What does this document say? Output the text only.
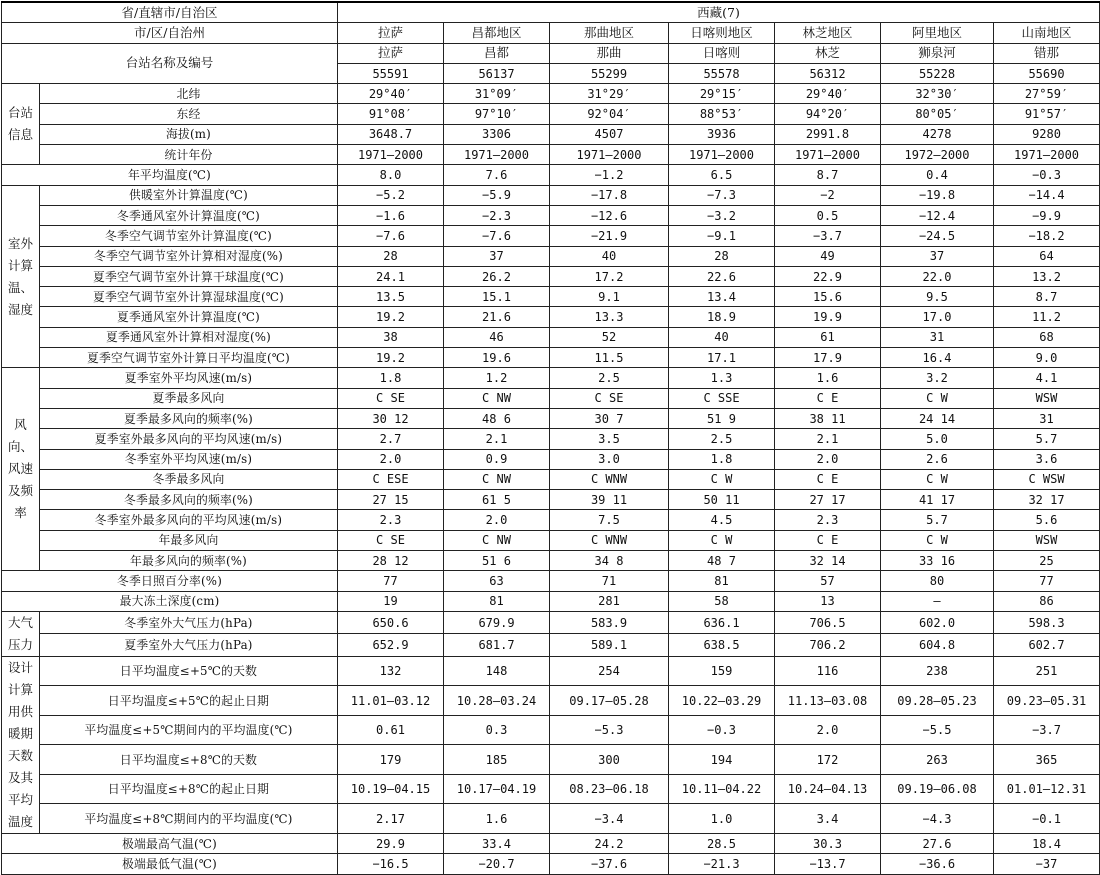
省/直辖市/自治区		西藏(7)						
市/区/自治州		拉萨	昌都地区	那曲地区	日喀则地区	林芝地区	阿里地区	山南地区
台站名称及编号		拉萨	昌都	那曲	日喀则	林芝	狮泉河	错那
		55591	56137	55299	55578	56312	55228	55690
台站信息	北纬	29°40′	31°09′	31°29′	29°15′	29°40′	32°30′	27°59′
	东经	91°08′	97°10′	92°04′	88°53′	94°20′	80°05′	91°57′
	海拔(m)	3648.7	3306	4507	3936	2991.8	4278	9280
	统计年份	1971—2000	1971—2000	1971—2000	1971—2000	1971—2000	1972—2000	1971—2000
年平均温度(℃)		8.0	7.6	−1.2	6.5	8.7	0.4	−0.3
室外计算温、湿度	供暖室外计算温度(℃)	−5.2	−5.9	−17.8	−7.3	−2	−19.8	−14.4
	冬季通风室外计算温度(℃)	−1.6	−2.3	−12.6	−3.2	0.5	−12.4	−9.9
	冬季空气调节室外计算温度(℃)	−7.6	−7.6	−21.9	−9.1	−3.7	−24.5	−18.2
	冬季空气调节室外计算相对湿度(%)	28	37	40	28	49	37	64
	夏季空气调节室外计算干球温度(℃)	24.1	26.2	17.2	22.6	22.9	22.0	13.2
	夏季空气调节室外计算湿球温度(℃)	13.5	15.1	9.1	13.4	15.6	9.5	8.7
	夏季通风室外计算温度(℃)	19.2	21.6	13.3	18.9	19.9	17.0	11.2
	夏季通风室外计算相对湿度(%)	38	46	52	40	61	31	68
	夏季空气调节室外计算日平均温度(℃)	19.2	19.6	11.5	17.1	17.9	16.4	9.0
风向、风速及频率	夏季室外平均风速(m/s)	1.8	1.2	2.5	1.3	1.6	3.2	4.1
	夏季最多风向	C SE	C NW	C SE	C SSE	C E	C W	WSW
	夏季最多风向的频率(%)	30 12	48 6	30 7	51 9	38 11	24 14	31
	夏季室外最多风向的平均风速(m/s)	2.7	2.1	3.5	2.5	2.1	5.0	5.7
	冬季室外平均风速(m/s)	2.0	0.9	3.0	1.8	2.0	2.6	3.6
	冬季最多风向	C ESE	C NW	C WNW	C W	C E	C W	C WSW
	冬季最多风向的频率(%)	27 15	61 5	39 11	50 11	27 17	41 17	32 17
	冬季室外最多风向的平均风速(m/s)	2.3	2.0	7.5	4.5	2.3	5.7	5.6
	年最多风向	C SE	C NW	C WNW	C W	C E	C W	WSW
	年最多风向的频率(%)	28 12	51 6	34 8	48 7	32 14	33 16	25
冬季日照百分率(%)		77	63	71	81	57	80	77
最大冻土深度(cm)		19	81	281	58	13	—	86
大气压力	冬季室外大气压力(hPa)	650.6	679.9	583.9	636.1	706.5	602.0	598.3
	夏季室外大气压力(hPa)	652.9	681.7	589.1	638.5	706.2	604.8	602.7
设计计算用供暖期天数及其平均温度	日平均温度≤+5℃的天数	132	148	254	159	116	238	251
	日平均温度≤+5℃的起止日期	11.01—03.12	10.28—03.24	09.17—05.28	10.22—03.29	11.13—03.08	09.28—05.23	09.23—05.31
	平均温度≤+5℃期间内的平均温度(℃)	0.61	0.3	−5.3	−0.3	2.0	−5.5	−3.7
	日平均温度≤+8℃的天数	179	185	300	194	172	263	365
	日平均温度≤+8℃的起止日期	10.19—04.15	10.17—04.19	08.23—06.18	10.11—04.22	10.24—04.13	09.19—06.08	01.01—12.31
	平均温度≤+8℃期间内的平均温度(℃)	2.17	1.6	−3.4	1.0	3.4	−4.3	−0.1
极端最高气温(℃)		29.9	33.4	24.2	28.5	30.3	27.6	18.4
极端最低气温(℃)		−16.5	−20.7	−37.6	−21.3	−13.7	−36.6	−37
